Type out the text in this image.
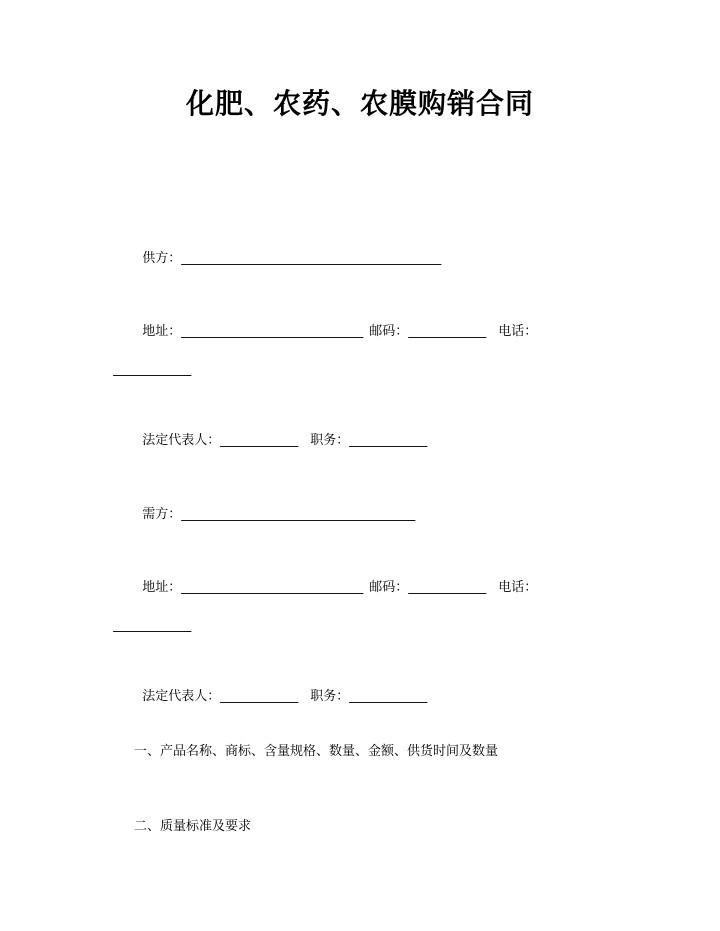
化肥、农药、农膜购销合同

供方：________________________________________

地址：____________________________ 邮码：____________ 电话：

____________

法定代表人：____________ 职务：____________

需方：____________________________________

地址：____________________________ 邮码：____________ 电话：

____________

法定代表人：____________ 职务：____________

一、产品名称、商标、含量规格、数量、金额、供货时间及数量
二、质量标准及要求
